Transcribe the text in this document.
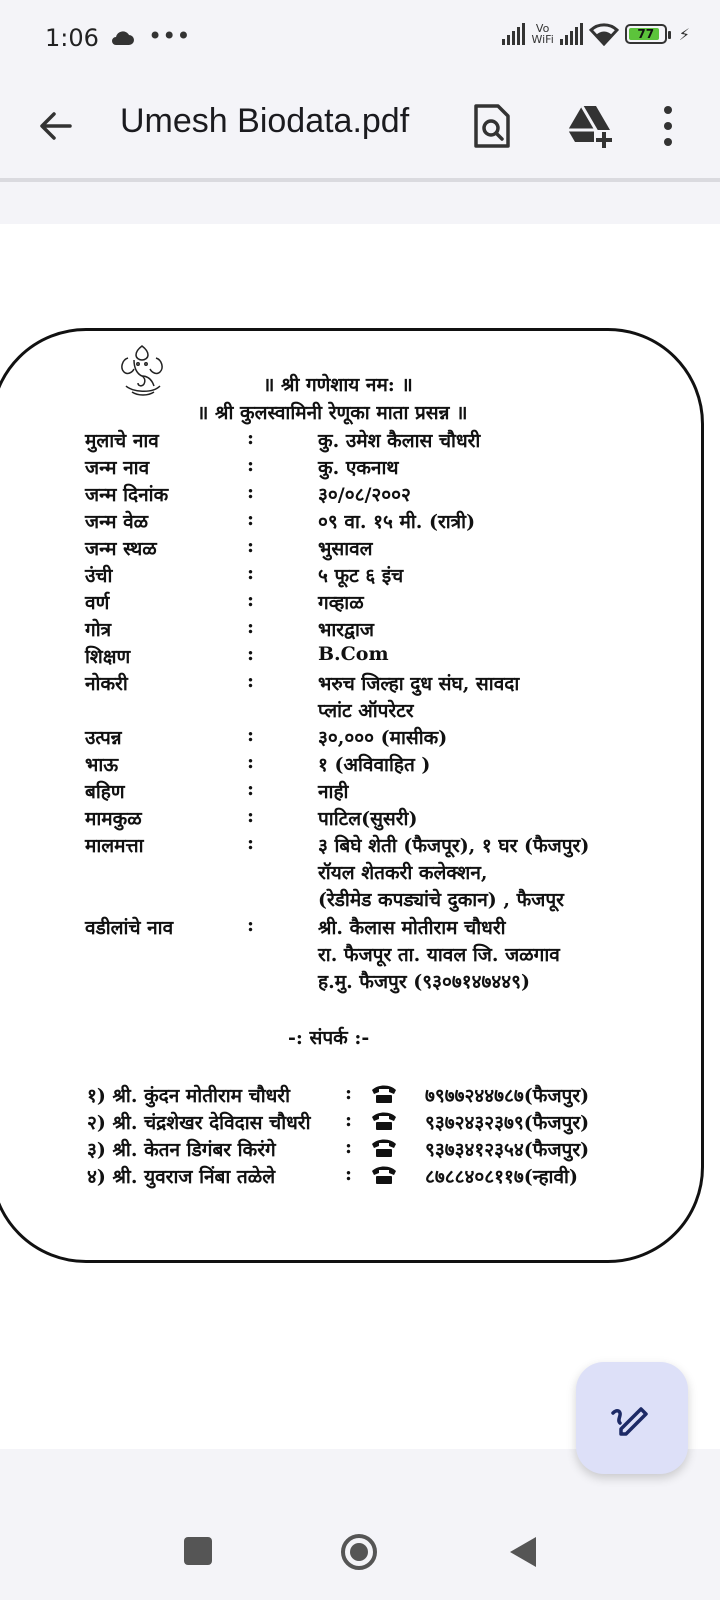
1:06 •••	Vo
WiFi	77 ⚡
Umesh Biodata.pdf
॥ श्री गणेशाय नम: ॥
॥ श्री कुलस्वामिनी रेणूका माता प्रसन्न ॥
मुलाचे नाव	:	कु. उमेश कैलास चौधरी
जन्म नाव	:	कु. एकनाथ
जन्म दिनांक	:	३०/०८/२००२
जन्म वेळ	:	०९ वा. १५ मी. (रात्री)
जन्म स्थळ	:	भुसावल
उंची	:	५ फूट ६ इंच
वर्ण	:	गव्हाळ
गोत्र	:	भारद्वाज
शिक्षण	:	B.Com
नोकरी	:	भरुच जिल्हा दुध संघ, सावदा
प्लांट ऑपरेटर
उत्पन्न	:	३०,००० (मासीक)
भाऊ	:	१ (अविवाहित )
बहिण	:	नाही
मामकुळ	:	पाटिल(सुसरी)
मालमत्ता	:	३ बिघे शेती (फैजपूर), १ घर (फैजपुर)
रॉयल शेतकरी कलेक्शन,
(रेडीमेड कपड्यांचे दुकान) , फैजपूर
वडीलांचे नाव	:	श्री. कैलास मोतीराम चौधरी
रा. फैजपूर ता. यावल जि. जळगाव
ह.मु. फैजपुर (९३०७१४७४४९)
-: संपर्क :-
१) श्री. कुंदन मोतीराम चौधरी	:	७९७७२४४७८७(फैजपुर)
२) श्री. चंद्रशेखर देविदास चौधरी :	९३७२४३२३७९(फैजपुर)
३) श्री. केतन डिगंबर किरंगे	:	९३७३४१२३५४(फैजपुर)
४) श्री. युवराज निंबा तळेले	:	८७८८४०८११७(न्हावी)
